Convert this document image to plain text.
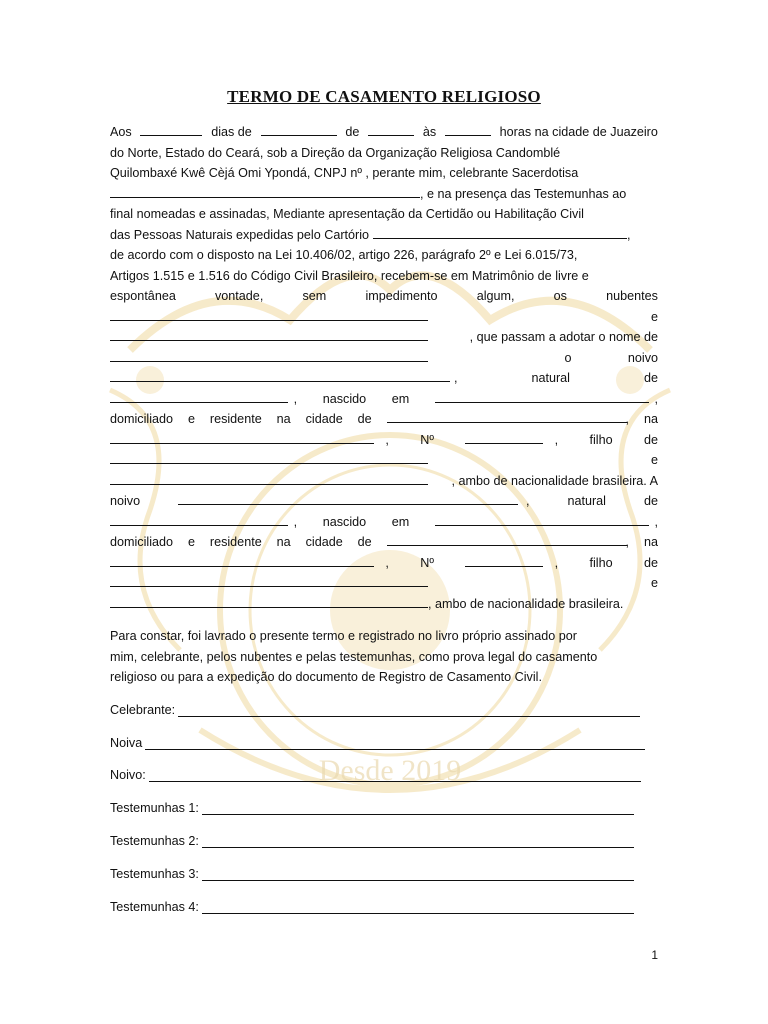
Desde 2019
TERMO DE CASAMENTO RELIGIOSO
Aos	dias de	de	às	horas na cidade de Juazeiro
do Norte, Estado do Ceará, sob a Direção da Organização Religiosa Candomblé
Quilombaxé Kwê Cèjá Omi Ypondá, CNPJ nº , perante mim, celebrante Sacerdotisa
, e na presença das Testemunhas ao
final nomeadas e assinadas, Mediante apresentação da Certidão ou Habilitação Civil
das Pessoas Naturais expedidas pelo Cartório	,
de acordo com o disposto na Lei 10.406/02, artigo 226, parágrafo 2º e Lei 6.015/73,
Artigos 1.515 e 1.516 do Código Civil Brasileiro, recebem-se em Matrimônio de livre e
espontânea	vontade,	sem	impedimento	algum,	os	nubentes
e
, que passam a adotar o nome de
o	noivo
,	natural	de
, nascido em	,
domiciliado e residente na cidade de	, na
, Nº	, filho de
e
, ambo de nacionalidade brasileira. A
noivo	,	natural	de
, nascido em	,
domiciliado e residente na cidade de	, na
, Nº	, filho de
e
, ambo de nacionalidade brasileira.
Para constar, foi lavrado o presente termo e registrado no livro próprio assinado por
mim, celebrante, pelos nubentes e pelas testemunhas, como prova legal do casamento
religioso ou para a expedição do documento de Registro de Casamento Civil.
Celebrante:
Noiva
Noivo:
Testemunhas 1:
Testemunhas 2:
Testemunhas 3:
Testemunhas 4:
1
